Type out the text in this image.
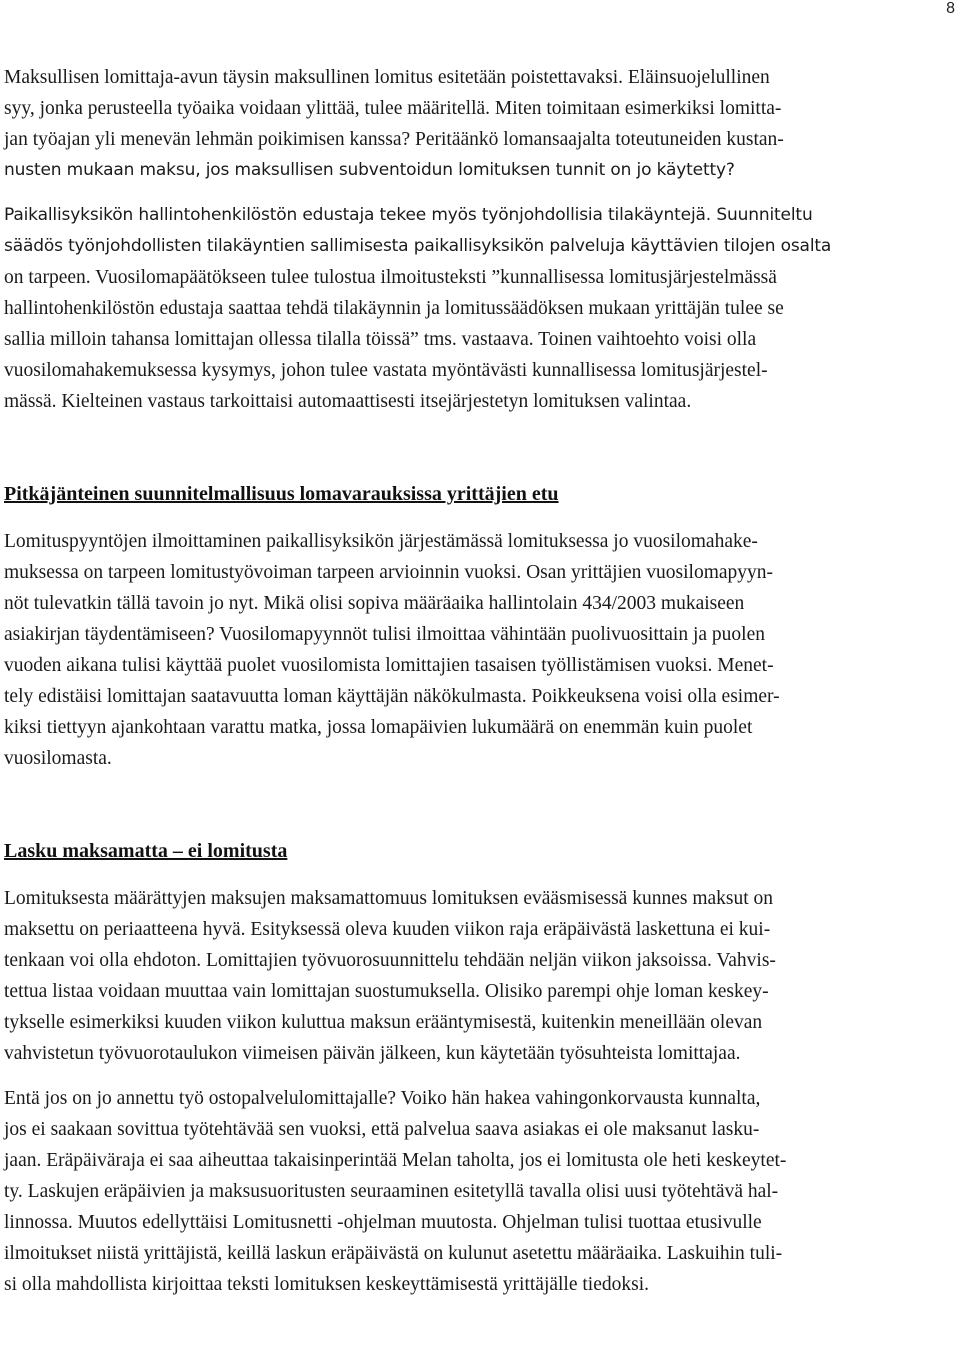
8
Maksullisen lomittaja-avun täysin maksullinen lomitus esitetään poistettavaksi. Eläinsuojelullinen
syy, jonka perusteella työaika voidaan ylittää, tulee määritellä. Miten toimitaan esimerkiksi lomitta-
jan työajan yli menevän lehmän poikimisen kanssa? Peritäänkö lomansaajalta toteutuneiden kustan-
nusten mukaan maksu, jos maksullisen subventoidun lomituksen tunnit on jo käytetty?
Paikallisyksikön hallintohenkilöstön edustaja tekee myös työnjohdollisia tilakäyntejä. Suunniteltu
säädös työnjohdollisten tilakäyntien sallimisesta paikallisyksikön palveluja käyttävien tilojen osalta
on tarpeen. Vuosilomapäätökseen tulee tulostua ilmoitusteksti ”kunnallisessa lomitusjärjestelmässä
hallintohenkilöstön edustaja saattaa tehdä tilakäynnin ja lomitussäädöksen mukaan yrittäjän tulee se
sallia milloin tahansa lomittajan ollessa tilalla töissä” tms. vastaava. Toinen vaihtoehto voisi olla
vuosilomahakemuksessa kysymys, johon tulee vastata myöntävästi kunnallisessa lomitusjärjestel-
mässä. Kielteinen vastaus tarkoittaisi automaattisesti itsejärjestetyn lomituksen valintaa.
Pitkäjänteinen suunnitelmallisuus lomavarauksissa yrittäjien etu
Lomituspyyntöjen ilmoittaminen paikallisyksikön järjestämässä lomituksessa jo vuosilomahake-
muksessa on tarpeen lomitustyövoiman tarpeen arvioinnin vuoksi. Osan yrittäjien vuosilomapyyn-
nöt tulevatkin tällä tavoin jo nyt. Mikä olisi sopiva määräaika hallintolain 434/2003 mukaiseen
asiakirjan täydentämiseen? Vuosilomapyynnöt tulisi ilmoittaa vähintään puolivuosittain ja puolen
vuoden aikana tulisi käyttää puolet vuosilomista lomittajien tasaisen työllistämisen vuoksi. Menet-
tely edistäisi lomittajan saatavuutta loman käyttäjän näkökulmasta. Poikkeuksena voisi olla esimer-
kiksi tiettyyn ajankohtaan varattu matka, jossa lomapäivien lukumäärä on enemmän kuin puolet
vuosilomasta.
Lasku maksamatta – ei lomitusta
Lomituksesta määrättyjen maksujen maksamattomuus lomituksen evääsmisessä kunnes maksut on
maksettu on periaatteena hyvä. Esityksessä oleva kuuden viikon raja eräpäivästä laskettuna ei kui-
tenkaan voi olla ehdoton. Lomittajien työvuorosuunnittelu tehdään neljän viikon jaksoissa. Vahvis-
tettua listaa voidaan muuttaa vain lomittajan suostumuksella. Olisiko parempi ohje loman keskey-
tykselle esimerkiksi kuuden viikon kuluttua maksun erääntymisestä, kuitenkin meneillään olevan
vahvistetun työvuorotaulukon viimeisen päivän jälkeen, kun käytetään työsuhteista lomittajaa.
Entä jos on jo annettu työ ostopalvelulomittajalle? Voiko hän hakea vahingonkorvausta kunnalta,
jos ei saakaan sovittua työtehtävää sen vuoksi, että palvelua saava asiakas ei ole maksanut lasku-
jaan. Eräpäiväraja ei saa aiheuttaa takaisinperintää Melan taholta, jos ei lomitusta ole heti keskeytet-
ty. Laskujen eräpäivien ja maksusuoritusten seuraaminen esitetyllä tavalla olisi uusi työtehtävä hal-
linnossa. Muutos edellyttäisi Lomitusnetti -ohjelman muutosta. Ohjelman tulisi tuottaa etusivulle
ilmoitukset niistä yrittäjistä, keillä laskun eräpäivästä on kulunut asetettu määräaika. Laskuihin tuli-
si olla mahdollista kirjoittaa teksti lomituksen keskeyttämisestä yrittäjälle tiedoksi.
